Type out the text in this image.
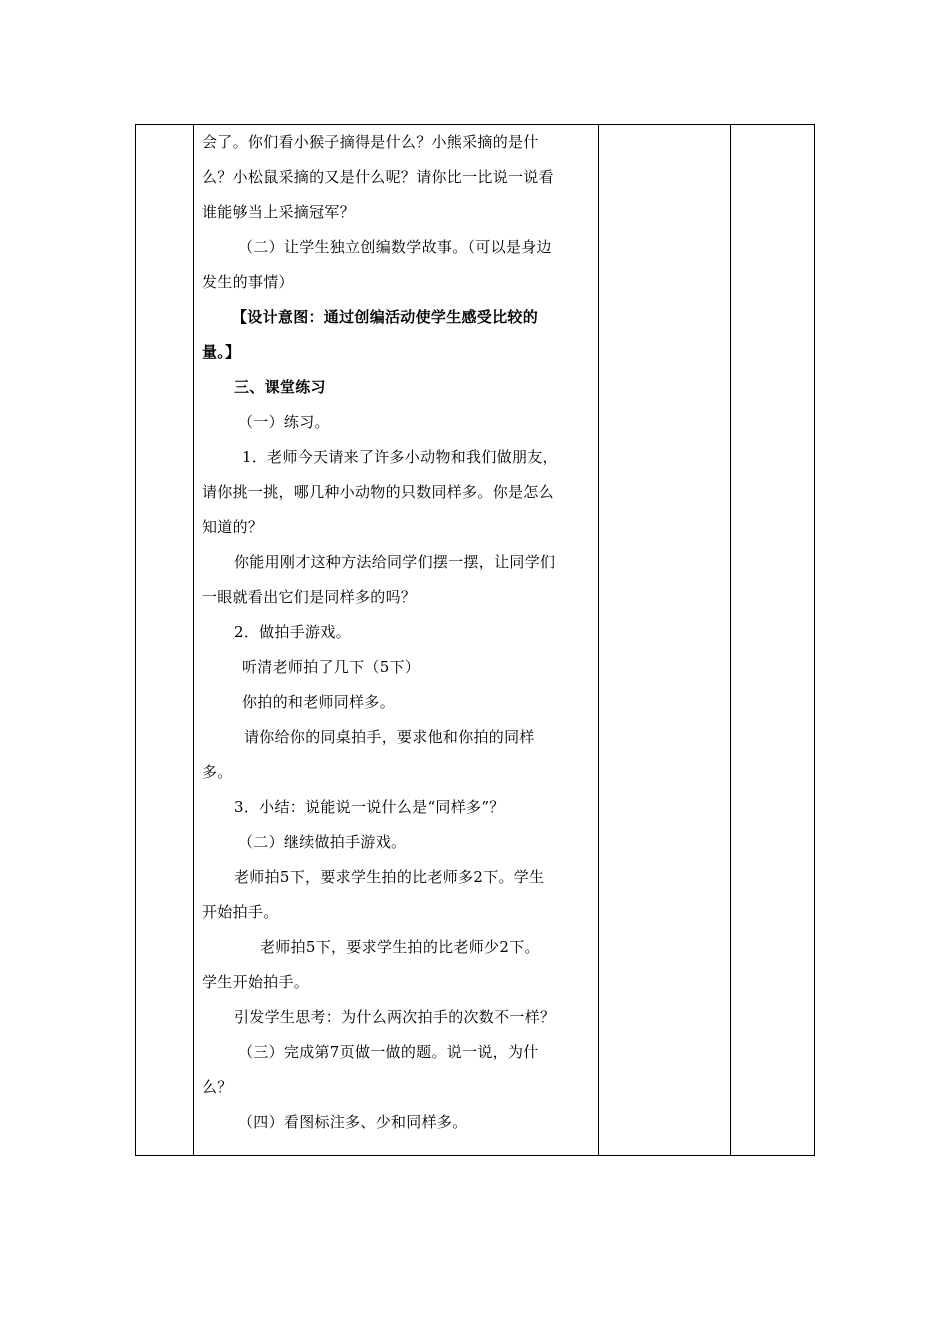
会了。你们看小猴子摘得是什么？小熊采摘的是什
么？小松鼠采摘的又是什么呢？请你比一比说一说看
谁能够当上采摘冠军？
（二）让学生独立创编数学故事。（可以是身边
发生的事情）
【设计意图：通过创编活动使学生感受比较的
量。】
三、课堂练习
（一）练习。
1．老师今天请来了许多小动物和我们做朋友，
请你挑一挑，哪几种小动物的只数同样多。你是怎么
知道的？
你能用刚才这种方法给同学们摆一摆，让同学们
一眼就看出它们是同样多的吗？
2．做拍手游戏。
听清老师拍了几下（5下）
你拍的和老师同样多。
请你给你的同桌拍手，要求他和你拍的同样
多。
3．小结：说能说一说什么是“同样多”？
（二）继续做拍手游戏。
老师拍5下，要求学生拍的比老师多2下。学生
开始拍手。
老师拍5下，要求学生拍的比老师少2下。
学生开始拍手。
引发学生思考：为什么两次拍手的次数不一样？
（三）完成第7页做一做的题。说一说，为什
么？
（四）看图标注多、少和同样多。
